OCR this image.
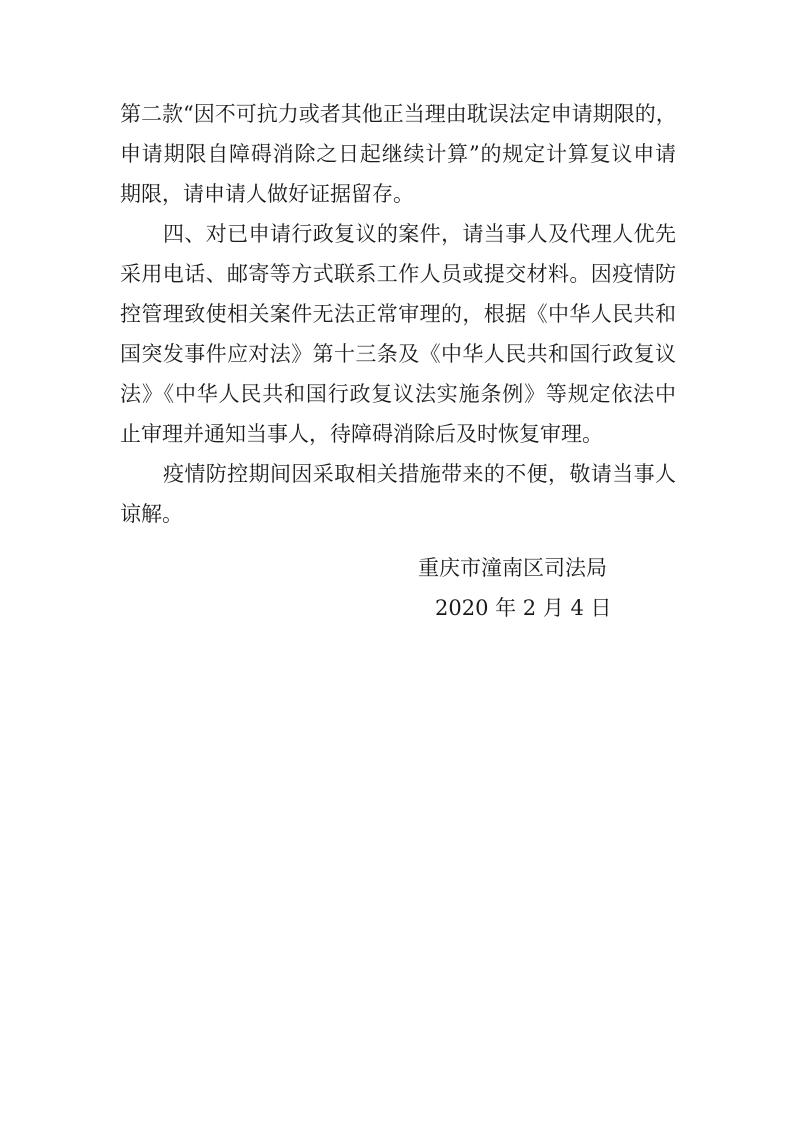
第二款“因不可抗力或者其他正当理由耽误法定申请期限的，
申请期限自障碍消除之日起继续计算”的规定计算复议申请
期限，请申请人做好证据留存。
四、对已申请行政复议的案件，请当事人及代理人优先
采用电话、邮寄等方式联系工作人员或提交材料。因疫情防
控管理致使相关案件无法正常审理的，根据《中华人民共和
国突发事件应对法》第十三条及《中华人民共和国行政复议
法》《中华人民共和国行政复议法实施条例》等规定依法中
止审理并通知当事人，待障碍消除后及时恢复审理。
疫情防控期间因采取相关措施带来的不便，敬请当事人
谅解。
重庆市潼南区司法局
2020 年 2 月 4 日
